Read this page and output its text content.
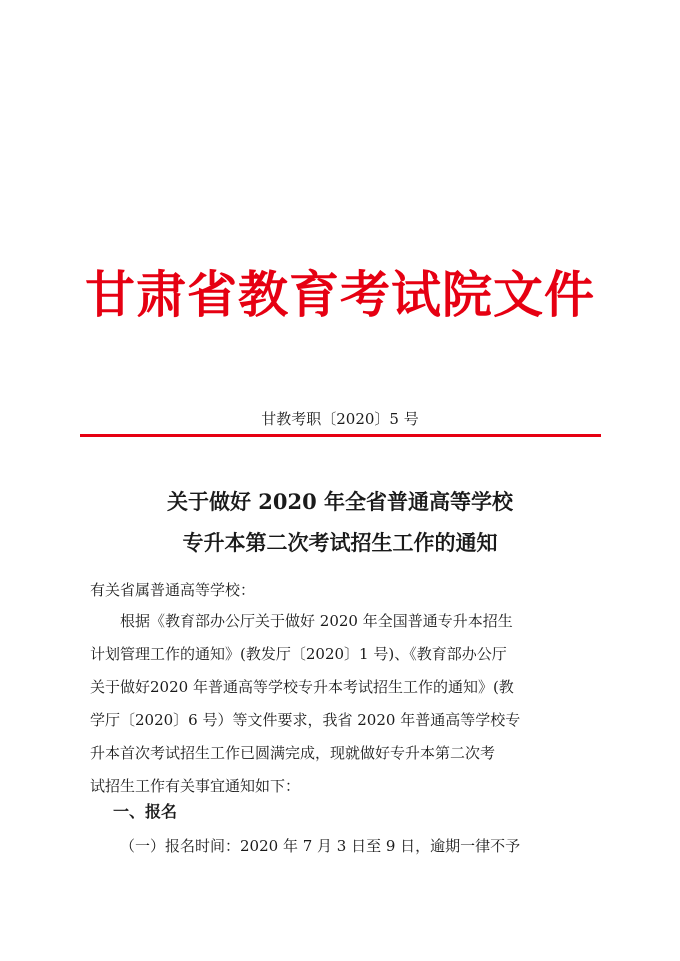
甘肃省教育考试院文件
甘教考职〔2020〕5 号
关于做好 2020 年全省普通高等学校
专升本第二次考试招生工作的通知
有关省属普通高等学校：
根据《教育部办公厅关于做好 2020 年全国普通专升本招生
计划管理工作的通知》(教发厅〔2020〕1 号)、《教育部办公厅
关于做好2020 年普通高等学校专升本考试招生工作的通知》(教
学厅〔2020〕6 号）等文件要求，我省 2020 年普通高等学校专
升本首次考试招生工作已圆满完成，现就做好专升本第二次考
试招生工作有关事宜通知如下：
一、报名
（一）报名时间：2020 年 7 月 3 日至 9 日，逾期一律不予
